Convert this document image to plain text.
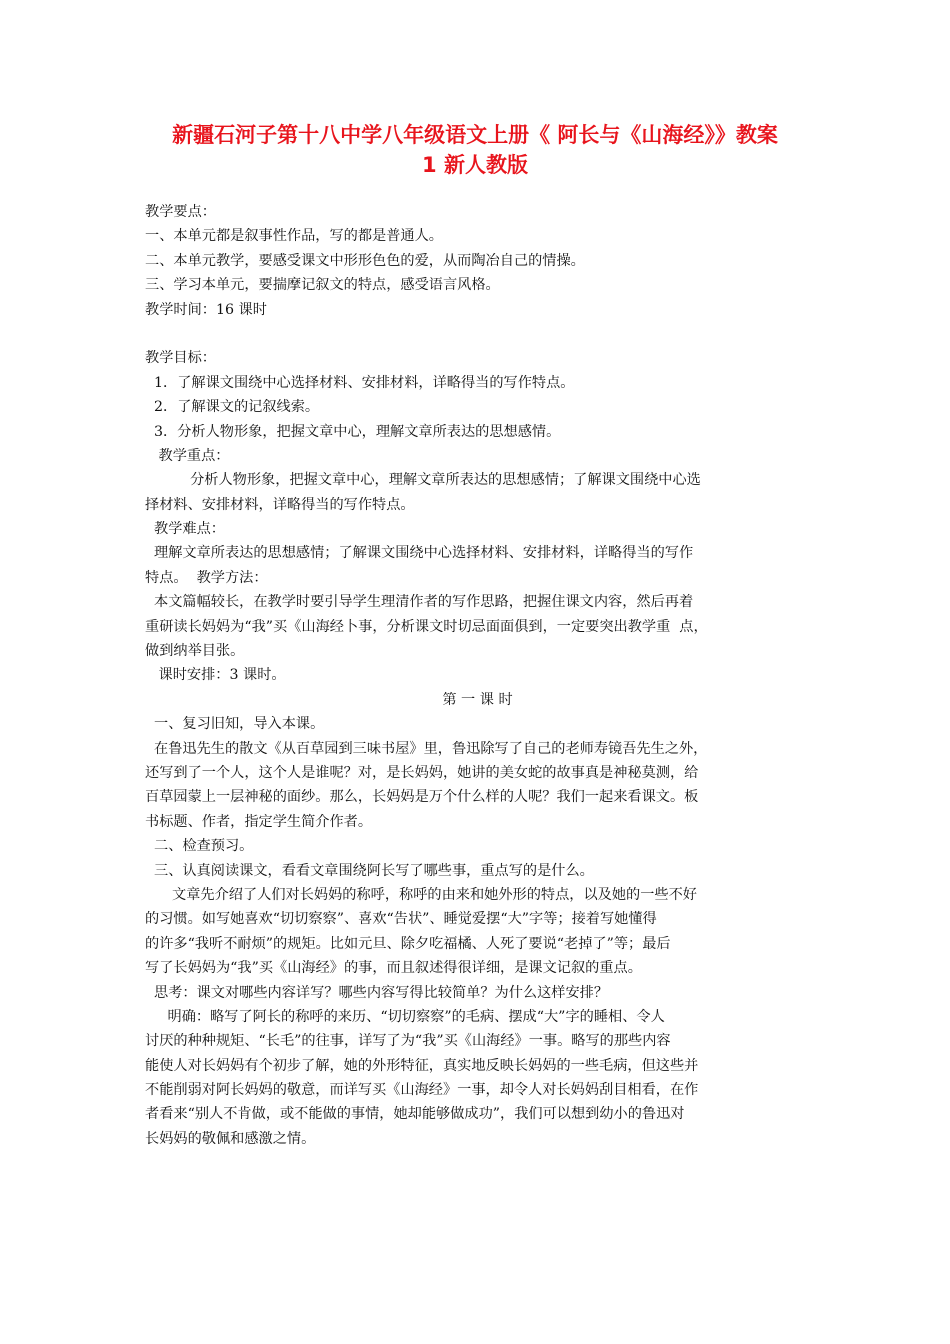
新疆石河子第十八中学八年级语文上册《 阿长与《山海经》》教案
1 新人教版
教学要点：
一、本单元都是叙事性作品，写的都是普通人。
二、本单元教学，要感受课文中形形色色的爱，从而陶冶自己的情操。
三、学习本单元，要揣摩记叙文的特点，感受语言风格。
教学时间：16 课时
教学目标：
1．了解课文围绕中心选择材料、安排材料，详略得当的写作特点。
2．了解课文的记叙线索。
3．分析人物形象，把握文章中心，理解文章所表达的思想感情。
教学重点：
分析人物形象，把握文章中心，理解文章所表达的思想感情；了解课文围绕中心选
择材料、安排材料，详略得当的写作特点。
教学难点：
理解文章所表达的思想感情；了解课文围绕中心选择材料、安排材料，详略得当的写作
特点。  教学方法：
本文篇幅较长，在教学时要引导学生理清作者的写作思路，把握住课文内容，然后再着
重研读长妈妈为“我”买《山海经卜事，分析课文时切忌面面俱到，一定要突出教学重  点，
做到纳举目张。
课时安排：3 课时。
第 一 课 时
一、复习旧知，导入本课。
在鲁迅先生的散文《从百草园到三味书屋》里，鲁迅除写了自己的老师寿镜吾先生之外，
还写到了一个人，这个人是谁呢？对，是长妈妈，她讲的美女蛇的故事真是神秘莫测，给
百草园蒙上一层神秘的面纱。那么，长妈妈是万个什么样的人呢？我们一起来看课文。板
书标题、作者，指定学生简介作者。
二、检查预习。
三、认真阅读课文，看看文章围绕阿长写了哪些事，重点写的是什么。
文章先介绍了人们对长妈妈的称呼，称呼的由来和她外形的特点，以及她的一些不好
的习惯。如写她喜欢“切切察察”、喜欢“告状”、睡觉爱摆“大”字等；接着写她懂得
的许多“我听不耐烦”的规矩。比如元旦、除夕吃福橘、人死了要说“老掉了”等；最后
写了长妈妈为“我”买《山海经》的事，而且叙述得很详细，是课文记叙的重点。
思考：课文对哪些内容详写？哪些内容写得比较简单？为什么这样安排？
明确：略写了阿长的称呼的来历、“切切察察”的毛病、摆成“大”字的睡相、令人
讨厌的种种规矩、“长毛”的往事，详写了为“我”买《山海经》一事。略写的那些内容
能使人对长妈妈有个初步了解，她的外形特征，真实地反映长妈妈的一些毛病，但这些并
不能削弱对阿长妈妈的敬意，而详写买《山海经》一事，却令人对长妈妈刮目相看，在作
者看来“别人不肯做，或不能做的事情，她却能够做成功”，我们可以想到幼小的鲁迅对
长妈妈的敬佩和感激之情。
